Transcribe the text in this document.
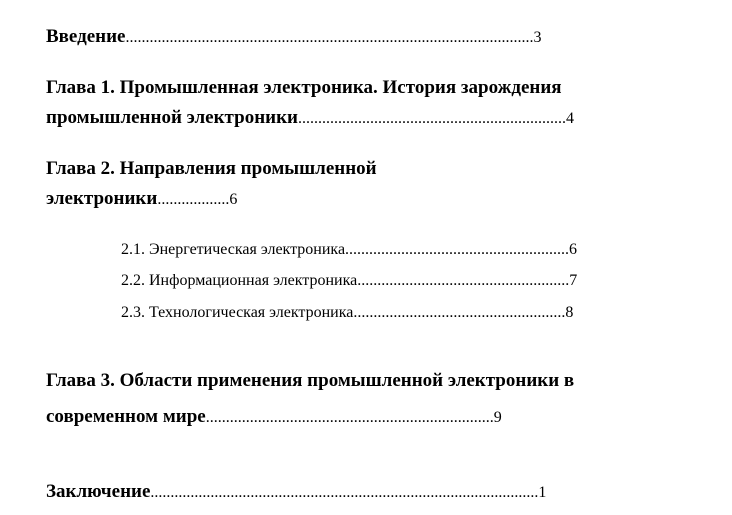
Введение......................................................................................................3
Глава 1. Промышленная электроника. История зарождения
промышленной электроники...................................................................4
Глава 2. Направления промышленной
электроники..................6
2.1. Энергетическая электроника........................................................6
2.2. Информационная электроника.....................................................7
2.3. Технологическая электроника.....................................................8
Глава 3. Области применения промышленной электроники в
современном мире........................................................................9
Заключение.................................................................................................1
